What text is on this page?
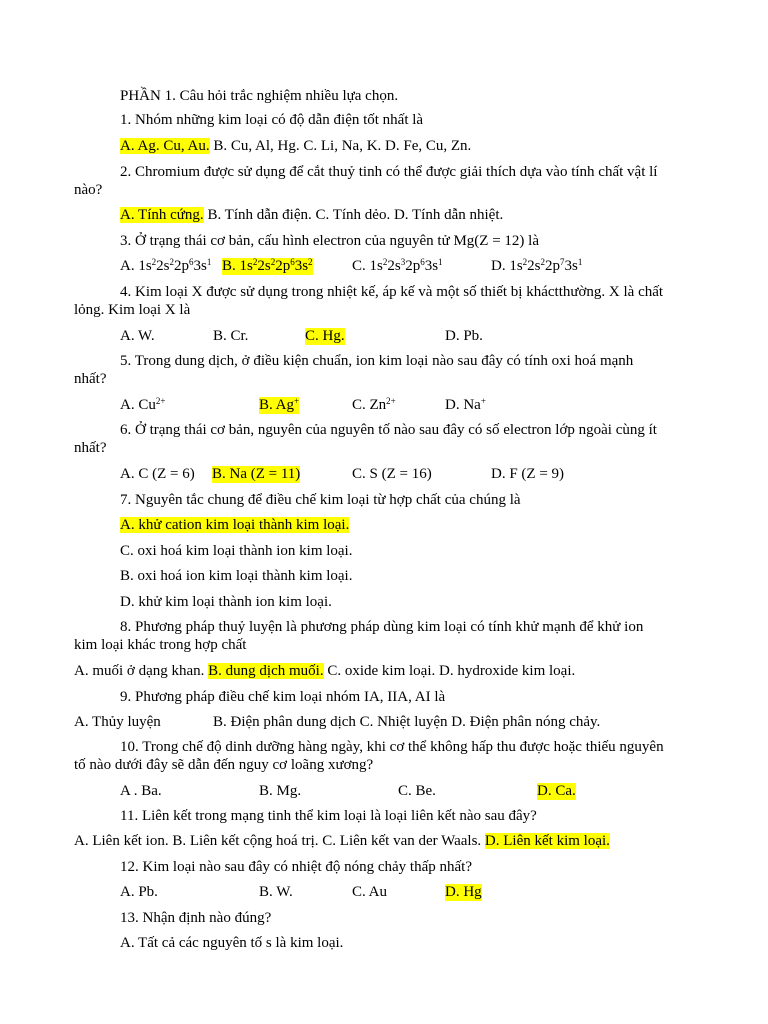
PHẦN 1. Câu hỏi trắc nghiệm nhiều lựa chọn.
1. Nhóm những kim loại có độ dẫn điện tốt nhất là
A. Ag. Cu, Au. B. Cu, Al, Hg. C. Li, Na, K. D. Fe, Cu, Zn.
2. Chromium được sử dụng để cắt thuỷ tinh có thể được giải thích dựa vào tính chất vật lí
nào?
A. Tính cứng. B. Tính dẫn điện. C. Tính dẻo. D. Tính dẫn nhiệt.
3. Ở trạng thái cơ bản, cấu hình electron của nguyên tử Mg(Z = 12) là
A. $1s^22s^22p^63s^1$ B. $1s^22s^22p^63s^2$	C. $1s^22s^32p^63s^1$	D. $1s^22s^22p^73s^1$
4. Kim loại X được sử dụng trong nhiệt kế, áp kế và một số thiết bị kháctthường. X là chất
lỏng. Kim loại X là
A. W.	B. Cr.	C. Hg.	D. Pb.
5. Trong dung dịch, ở điều kiện chuẩn, ion kim loại nào sau đây có tính oxi hoá mạnh
nhất?
A. $Cu^{2+}$	B. Ag+	C. $Zn^{2+}$	D. Na+
6. Ở trạng thái cơ bản, nguyên của nguyên tố nào sau đây có số electron lớp ngoài cùng ít
nhất?
A. C (Z = 6) B. Na (Z = 11)	C. S (Z = 16)	D. F (Z = 9)
7. Nguyên tắc chung để điều chế kim loại từ hợp chất của chúng là
A. khử cation kim loại thành kim loại.
C. oxi hoá kim loại thành ion kim loại.
B. oxi hoá ion kim loại thành kim loại.
D. khử kim loại thành ion kim loại.
8. Phương pháp thuỷ luyện là phương pháp dùng kim loại có tính khử mạnh để khử ion
kim loại khác trong hợp chất
A. muối ở dạng khan. B. dung dịch muối. C. oxide kim loại. D. hydroxide kim loại.
9. Phương pháp điều chế kim loại nhóm IA, IIA, AI là
A. Thủy luyện	B. Điện phân dung dịch C. Nhiệt luyện D. Điện phân nóng chảy.
10. Trong chế độ dinh dưỡng hàng ngày, khi cơ thể không hấp thu được hoặc thiếu nguyên
tố nào dưới đây sẽ dẫn đến nguy cơ loãng xương?
A . Ba.	B. Mg.	C. Be.	D. Ca.
11. Liên kết trong mạng tinh thể kim loại là loại liên kết nào sau đây?
A. Liên kết ion. B. Liên kết cộng hoá trị. C. Liên kết van der Waals. D. Liên kết kim loại.
12. Kim loại nào sau đây có nhiệt độ nóng chảy thấp nhất?
A. Pb.	B. W.	C. Au	D. Hg
13. Nhận định nào đúng?
A. Tất cả các nguyên tố s là kim loại.
